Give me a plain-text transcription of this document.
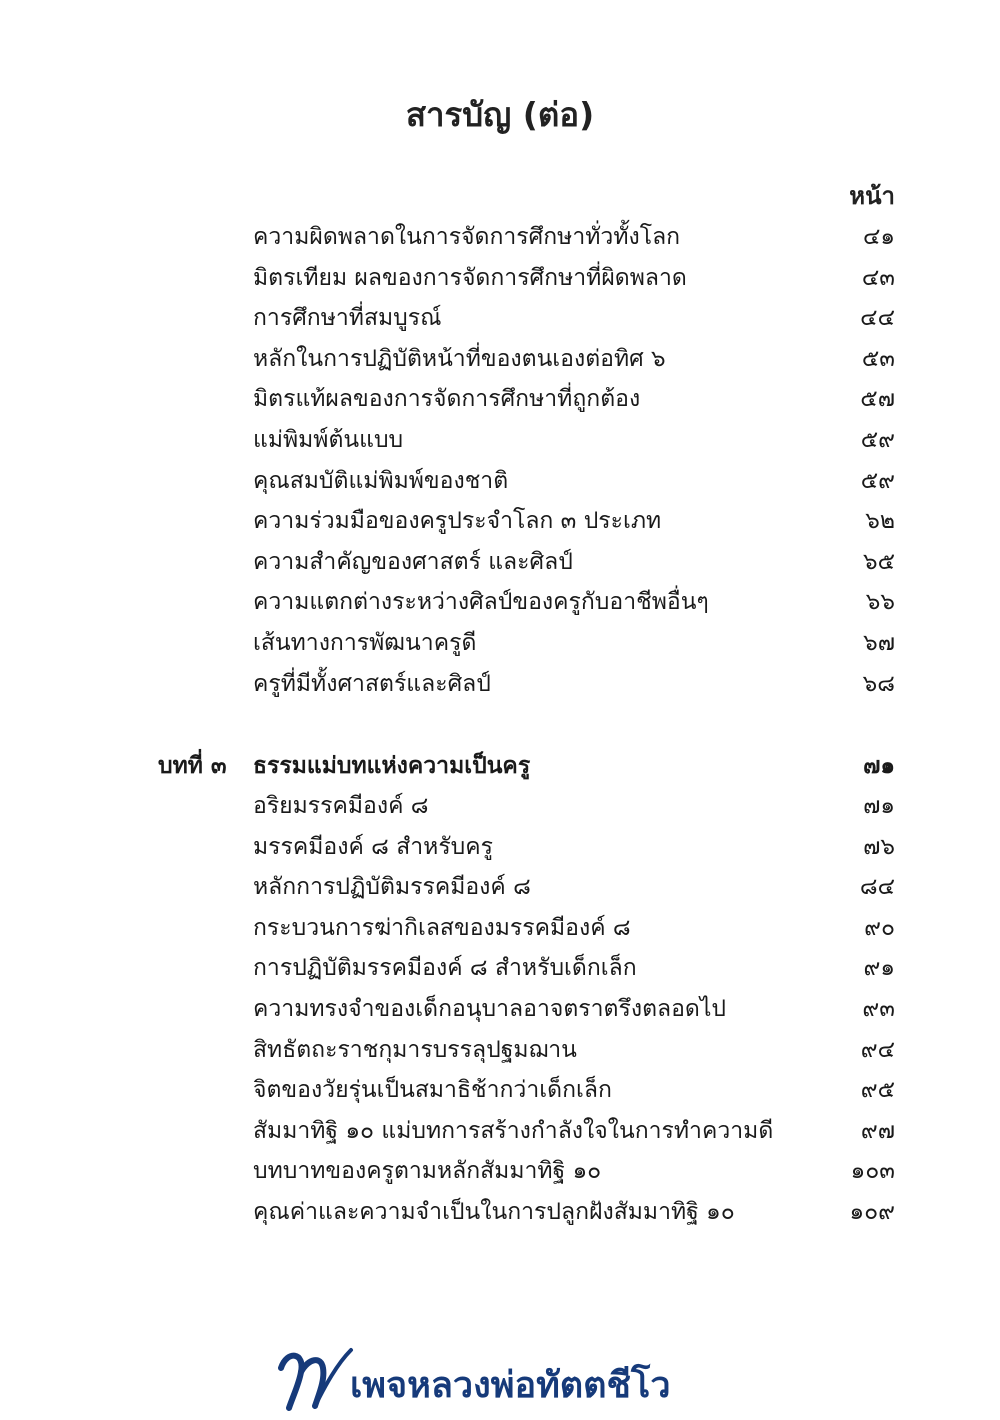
สารบัญ (ต่อ)
หน้า
ความผิดพลาดในการจัดการศึกษาทั่วทั้งโลก	๔๑
มิตรเทียม ผลของการจัดการศึกษาที่ผิดพลาด	๔๓
การศึกษาที่สมบูรณ์	๔๔
หลักในการปฏิบัติหน้าที่ของตนเองต่อทิศ ๖	๕๓
มิตรแท้ผลของการจัดการศึกษาที่ถูกต้อง	๕๗
แม่พิมพ์ต้นแบบ	๕๙
คุณสมบัติแม่พิมพ์ของชาติ	๕๙
ความร่วมมือของครูประจำโลก ๓ ประเภท	๖๒
ความสำคัญของศาสตร์ และศิลป์	๖๕
ความแตกต่างระหว่างศิลป์ของครูกับอาชีพอื่นๆ	๖๖
เส้นทางการพัฒนาครูดี	๖๗
ครูที่มีทั้งศาสตร์และศิลป์	๖๘
บทที่ ๓ ธรรมแม่บทแห่งความเป็นครู	๗๑
อริยมรรคมีองค์ ๘	๗๑
มรรคมีองค์ ๘ สำหรับครู	๗๖
หลักการปฏิบัติมรรคมีองค์ ๘	๘๔
กระบวนการฆ่ากิเลสของมรรคมีองค์ ๘	๙๐
การปฏิบัติมรรคมีองค์ ๘ สำหรับเด็กเล็ก	๙๑
ความทรงจำของเด็กอนุบาลอาจตราตรึงตลอดไป	๙๓
สิทธัตถะราชกุมารบรรลุปฐมฌาน	๙๔
จิตของวัยรุ่นเป็นสมาธิช้ากว่าเด็กเล็ก	๙๕
สัมมาทิฐิ ๑๐ แม่บทการสร้างกำลังใจในการทำความดี	๙๗
บทบาทของครูตามหลักสัมมาทิฐิ ๑๐	๑๐๓
คุณค่าและความจำเป็นในการปลูกฝังสัมมาทิฐิ ๑๐	๑๐๙
เพจหลวงพ่อทัตตชีโว
